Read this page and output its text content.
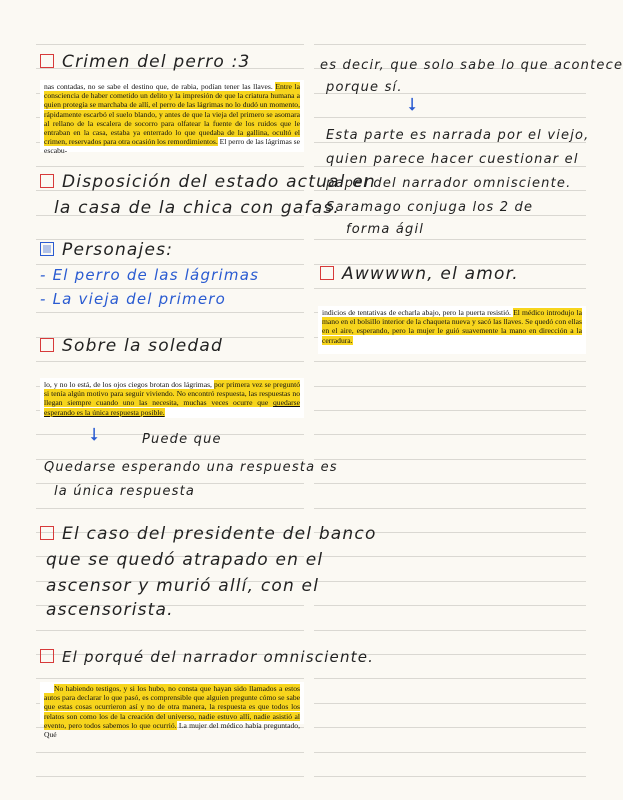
Crimen del perro :3

nas contadas, no se sabe el destino que, de rabia, podían tener las llaves. Entre la consciencia de haber cometido un delito y la impresión de que la criatura humana a quien protegía se marchaba de allí, el perro de las lágrimas no lo dudó un momento, rápidamente escarbó el suelo blando, y antes de que la vieja del primero se asomara al rellano de la escalera de socorro para olfatear la fuente de los ruidos que le entraban en la casa, estaba ya enterrado lo que quedaba de la gallina, ocultó el crimen, reservados para otra ocasión los remordimientos. El perro de las lágrimas se escabu-

Disposición del estado actual en
la casa de la chica con gafas.
Personajes:
- El perro de las lágrimas
- La vieja del primero
Sobre la soledad

lo, y no lo está, de los ojos ciegos brotan dos lágrimas, por primera vez se preguntó si tenía algún motivo para seguir viviendo. No encontró respuesta, las respuestas no llegan siempre cuando uno las necesita, muchas veces ocurre que quedarse esperando es la única respuesta posible.

⭣	Puede que
Quedarse esperando una respuesta es
la única respuesta
El caso del presidente del banco
que se quedó atrapado en el
ascensor y murió allí, con el
ascensorista.
El porqué del narrador omnisciente.

No habiendo testigos, y si los hubo, no consta que hayan sido llamados a estos autos para declarar lo que pasó, es comprensible que alguien pregunte cómo se sabe que estas cosas ocurrieron así y no de otra manera, la respuesta es que todos los relatos son como los de la creación del universo, nadie estuvo allí, nadie asistió al evento, pero todos sabemos lo que ocurrió. La mujer del médico había preguntado, Qué

es decir, que solo sabe lo que acontece
porque sí.
⭣
Esta parte es narrada por el viejo,
quien parece hacer cuestionar el
papel del narrador omnisciente.
Saramago conjuga los 2 de
forma ágil
Awwwwn, el amor.

indicios de tentativas de echarla abajo, pero la puerta resistió. El médico introdujo la mano en el bolsillo interior de la chaqueta nueva y sacó las llaves. Se quedó con ellas en el aire, esperando, pero la mujer le guió suavemente la mano en dirección a la cerradura.
